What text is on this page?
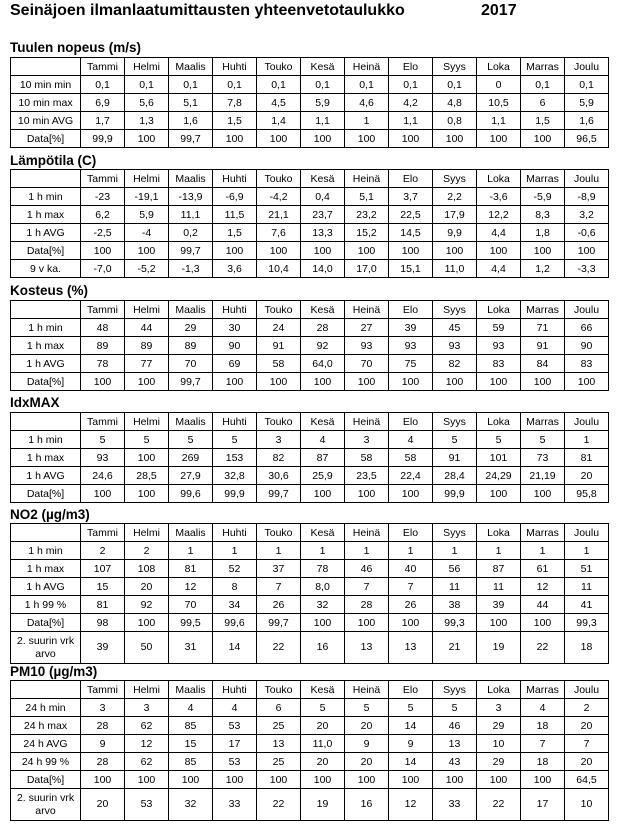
Seinäjoen ilmanlaatumittausten yhteenvetotaulukko	2017
Tuulen nopeus (m/s)
	Tammi	Helmi	Maalis	Huhti	Touko	Kesä	Heinä	Elo	Syys	Loka	Marras	Joulu
10 min min	0,1	0,1	0,1	0,1	0,1	0,1	0,1	0,1	0,1	0	0,1	0,1
10 min max	6,9	5,6	5,1	7,8	4,5	5,9	4,6	4,2	4,8	10,5	6	5,9
10 min AVG	1,7	1,3	1,6	1,5	1,4	1,1	1	1,1	0,8	1,1	1,5	1,6
Data[%]	99,9	100	99,7	100	100	100	100	100	100	100	100	96,5
Lämpötila (C)
	Tammi	Helmi	Maalis	Huhti	Touko	Kesä	Heinä	Elo	Syys	Loka	Marras	Joulu
1 h min	-23	-19,1	-13,9	-6,9	-4,2	0,4	5,1	3,7	2,2	-3,6	-5,9	-8,9
1 h max	6,2	5,9	11,1	11,5	21,1	23,7	23,2	22,5	17,9	12,2	8,3	3,2
1 h AVG	-2,5	-4	0,2	1,5	7,6	13,3	15,2	14,5	9,9	4,4	1,8	-0,6
Data[%]	100	100	99,7	100	100	100	100	100	100	100	100	100
9 v ka.	-7,0	-5,2	-1,3	3,6	10,4	14,0	17,0	15,1	11,0	4,4	1,2	-3,3
Kosteus (%)
	Tammi	Helmi	Maalis	Huhti	Touko	Kesä	Heinä	Elo	Syys	Loka	Marras	Joulu
1 h min	48	44	29	30	24	28	27	39	45	59	71	66
1 h max	89	89	89	90	91	92	93	93	93	93	91	90
1 h AVG	78	77	70	69	58	64,0	70	75	82	83	84	83
Data[%]	100	100	99,7	100	100	100	100	100	100	100	100	100
IdxMAX
	Tammi	Helmi	Maalis	Huhti	Touko	Kesä	Heinä	Elo	Syys	Loka	Marras	Joulu
1 h min	5	5	5	5	3	4	3	4	5	5	5	1
1 h max	93	100	269	153	82	87	58	58	91	101	73	81
1 h AVG	24,6	28,5	27,9	32,8	30,6	25,9	23,5	22,4	28,4	24,29	21,19	20
Data[%]	100	100	99,6	99,9	99,7	100	100	100	99,9	100	100	95,8
NO2 (µg/m3)
	Tammi	Helmi	Maalis	Huhti	Touko	Kesä	Heinä	Elo	Syys	Loka	Marras	Joulu
1 h min	2	2	1	1	1	1	1	1	1	1	1	1
1 h max	107	108	81	52	37	78	46	40	56	87	61	51
1 h AVG	15	20	12	8	7	8,0	7	7	11	11	12	11
1 h 99 %	81	92	70	34	26	32	28	26	38	39	44	41
Data[%]	98	100	99,5	99,6	99,7	100	100	100	99,3	100	100	99,3
2. suurin vrk arvo	39	50	31	14	22	16	13	13	21	19	22	18
PM10 (µg/m3)
	Tammi	Helmi	Maalis	Huhti	Touko	Kesä	Heinä	Elo	Syys	Loka	Marras	Joulu
24 h min	3	3	4	4	6	5	5	5	5	3	4	2
24 h max	28	62	85	53	25	20	20	14	46	29	18	20
24 h AVG	9	12	15	17	13	11,0	9	9	13	10	7	7
24 h 99 %	28	62	85	53	25	20	20	14	43	29	18	20
Data[%]	100	100	100	100	100	100	100	100	100	100	100	64,5
2. suurin vrk arvo	20	53	32	33	22	19	16	12	33	22	17	10
